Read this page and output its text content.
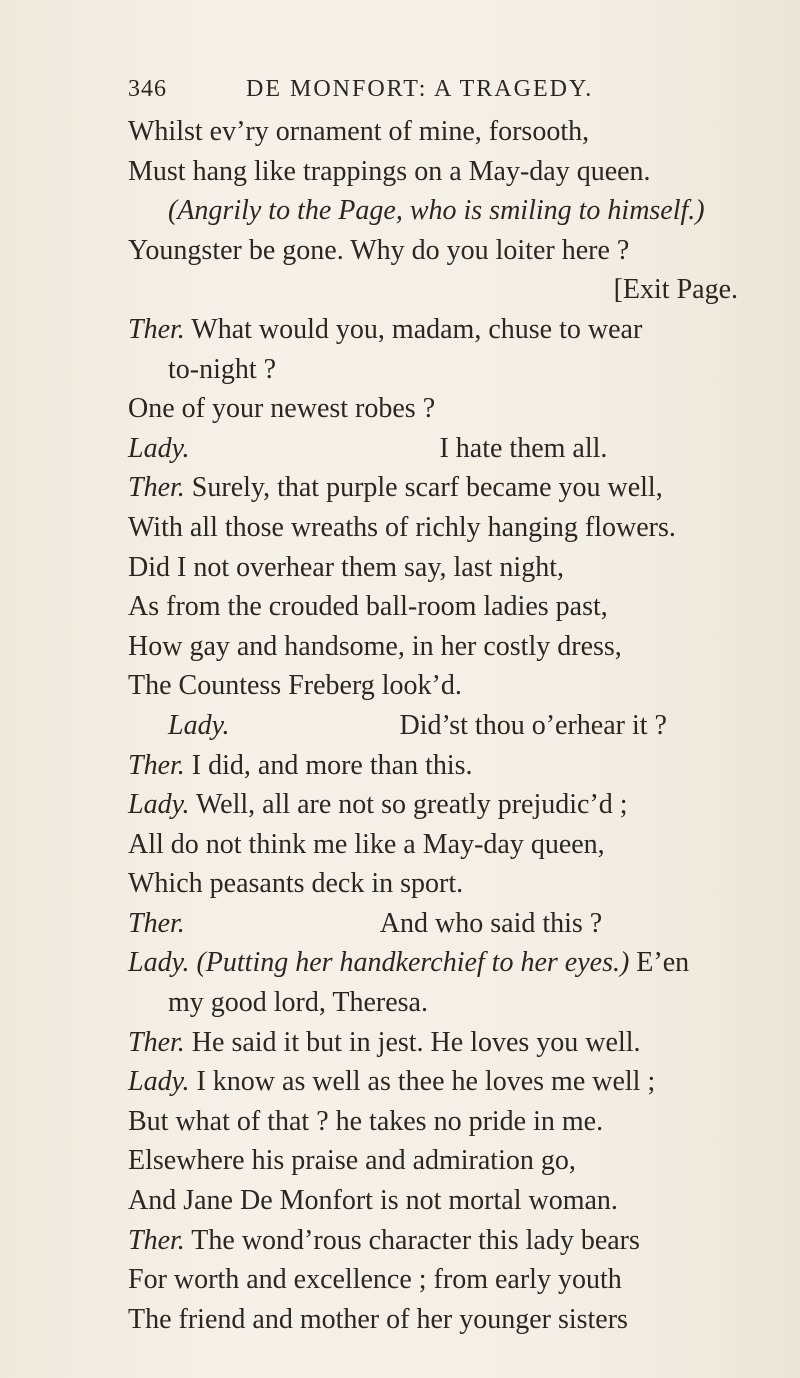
346	DE MONFORT: A TRAGEDY.
Whilst ev’ry ornament of mine, forsooth,
Must hang like trappings on a May-day queen.
(Angrily to the Page, who is smiling to himself.)
Youngster be gone. Why do you loiter here ?
[Exit Page.
Ther. What would you, madam, chuse to wear
to-night ?
One of your newest robes ?
Lady.	I hate them all.
Ther. Surely, that purple scarf became you well,
With all those wreaths of richly hanging flowers.
Did I not overhear them say, last night,
As from the crouded ball-room ladies past,
How gay and handsome, in her costly dress,
The Countess Freberg look’d.
Lady.	Did’st thou o’erhear it ?
Ther. I did, and more than this.
Lady. Well, all are not so greatly prejudic’d ;
All do not think me like a May-day queen,
Which peasants deck in sport.
Ther.	And who said this ?
Lady. (Putting her handkerchief to her eyes.) E’en
my good lord, Theresa.
Ther. He said it but in jest. He loves you well.
Lady. I know as well as thee he loves me well ;
But what of that ? he takes no pride in me.
Elsewhere his praise and admiration go,
And Jane De Monfort is not mortal woman.
Ther. The wond’rous character this lady bears
For worth and excellence ; from early youth
The friend and mother of her younger sisters
